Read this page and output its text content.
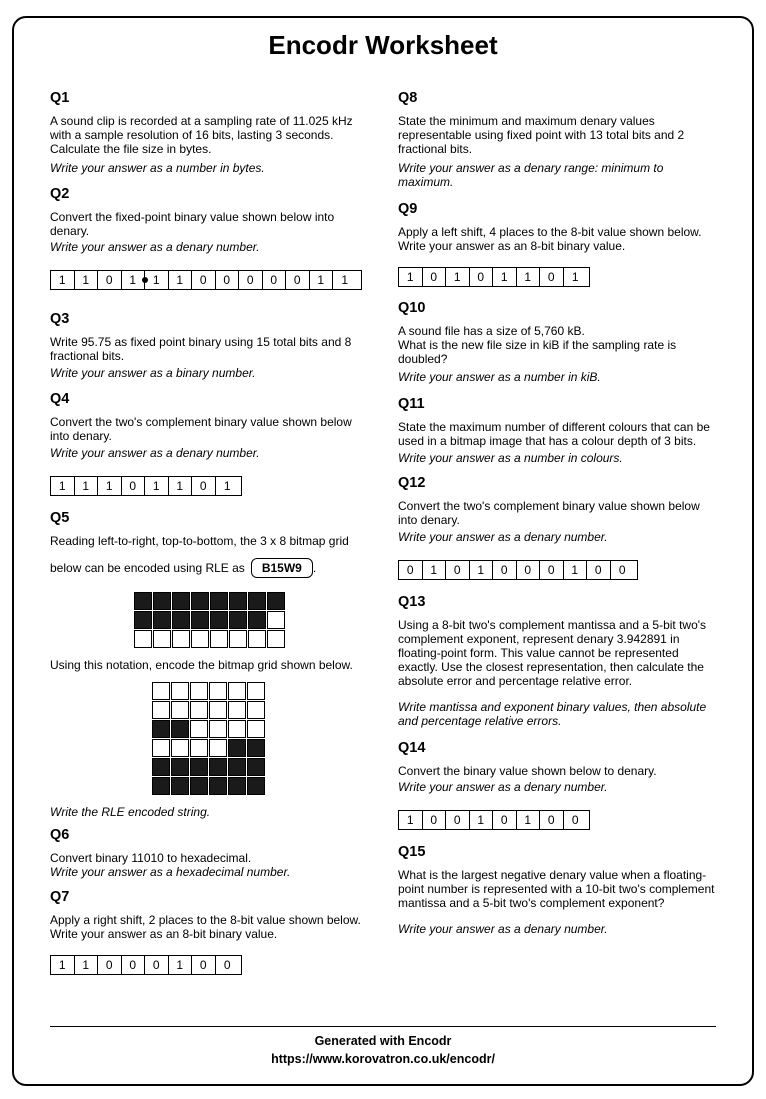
Encodr Worksheet
Q1
A sound clip is recorded at a sampling rate of 11.025 kHz with a sample resolution of 16 bits, lasting 3 seconds. Calculate the file size in bytes.
Write your answer as a number in bytes.
Q2
Convert the fixed-point binary value shown below into denary.
Write your answer as a denary number.
1	1	0	1	1	1	0	0	0	0	0	1	1
Q3
Write 95.75 as fixed point binary using 15 total bits and 8 fractional bits.
Write your answer as a binary number.
Q4
Convert the two's complement binary value shown below into denary.
Write your answer as a denary number.
1	1	1	0	1	1	0	1
Q5
Reading left-to-right, top-to-bottom, the 3 x 8 bitmap grid
below can be encoded using RLE as B15W9 .
Using this notation, encode the bitmap grid shown below.
Write the RLE encoded string.
Q6
Convert binary 11010 to hexadecimal.
Write your answer as a hexadecimal number.
Q7
Apply a right shift, 2 places to the 8-bit value shown below. Write your answer as an 8-bit binary value.
1	1	0	0	0	1	0	0
Q8
State the minimum and maximum denary values representable using fixed point with 13 total bits and 2 fractional bits.
Write your answer as a denary range: minimum to maximum.
Q9
Apply a left shift, 4 places to the 8-bit value shown below. Write your answer as an 8-bit binary value.
1	0	1	0	1	1	0	1
Q10
A sound file has a size of 5,760 kB.
What is the new file size in kiB if the sampling rate is doubled?
Write your answer as a number in kiB.
Q11
State the maximum number of different colours that can be used in a bitmap image that has a colour depth of 3 bits.
Write your answer as a number in colours.
Q12
Convert the two's complement binary value shown below into denary.
Write your answer as a denary number.
0	1	0	1	0	0	0	1	0	0
Q13
Using a 8-bit two's complement mantissa and a 5-bit two's complement exponent, represent denary 3.942891 in floating-point form. This value cannot be represented exactly. Use the closest representation, then calculate the absolute error and percentage relative error.
Write mantissa and exponent binary values, then absolute and percentage relative errors.
Q14
Convert the binary value shown below to denary.
Write your answer as a denary number.
1	0	0	1	0	1	0	0
Q15
What is the largest negative denary value when a floating-point number is represented with a 10-bit two's complement mantissa and a 5-bit two's complement exponent?
Write your answer as a denary number.
Generated with Encodr
https://www.korovatron.co.uk/encodr/
